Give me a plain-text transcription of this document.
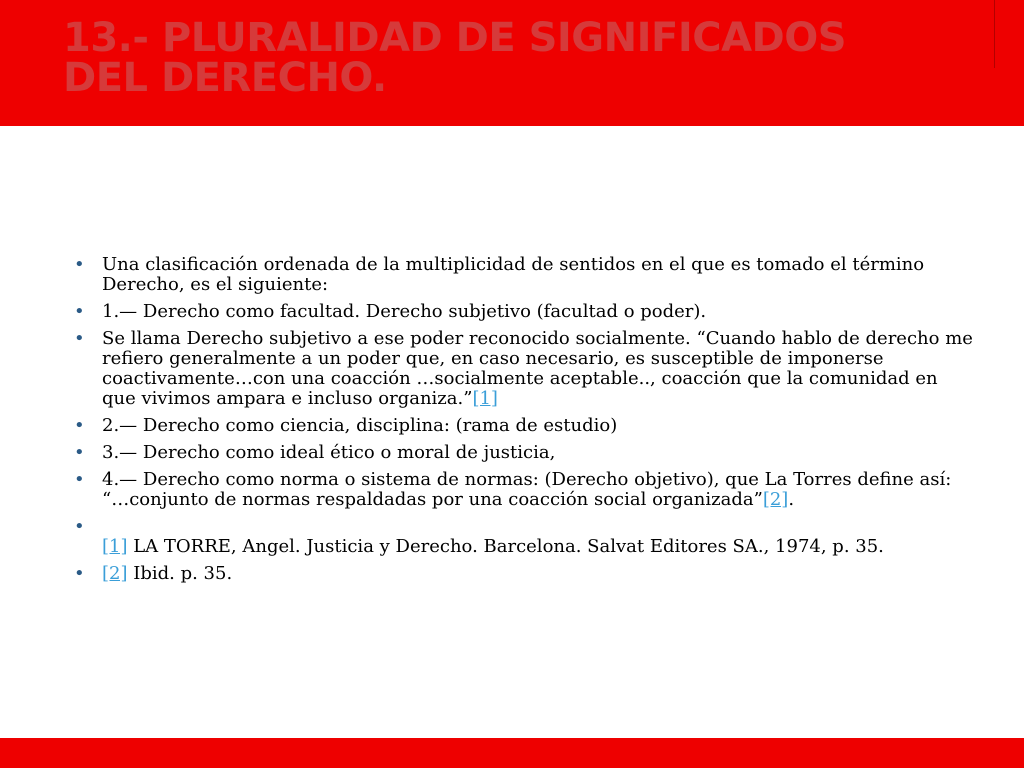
13.- PLURALIDAD DE SIGNIFICADOS
DEL DERECHO.
• Una clasificación ordenada de la multiplicidad de sentidos en el que es tomado el término Derecho, es el siguiente:
• 1.— Derecho como facultad. Derecho subjetivo (facultad o poder).
• Se llama Derecho subjetivo a ese poder reconocido socialmente. “Cuando hablo de derecho me refiero generalmente a un poder que, en caso necesario, es susceptible de imponerse coactivamente…con una coacción …socialmente aceptable.., coacción que la comunidad en que vivimos ampara e incluso organiza.”[1]
• 2.— Derecho como ciencia, disciplina: (rama de estudio)
• 3.— Derecho como ideal ético o moral de justicia,
• 4.— Derecho como norma o sistema de normas: (Derecho objetivo), que La Torres define así: “…conjunto de normas respaldadas por una coacción social organizada”[2].

• [1] LA TORRE, Angel. Justicia y Derecho. Barcelona. Salvat Editores SA., 1974, p. 35.
• [2] Ibid. p. 35.
